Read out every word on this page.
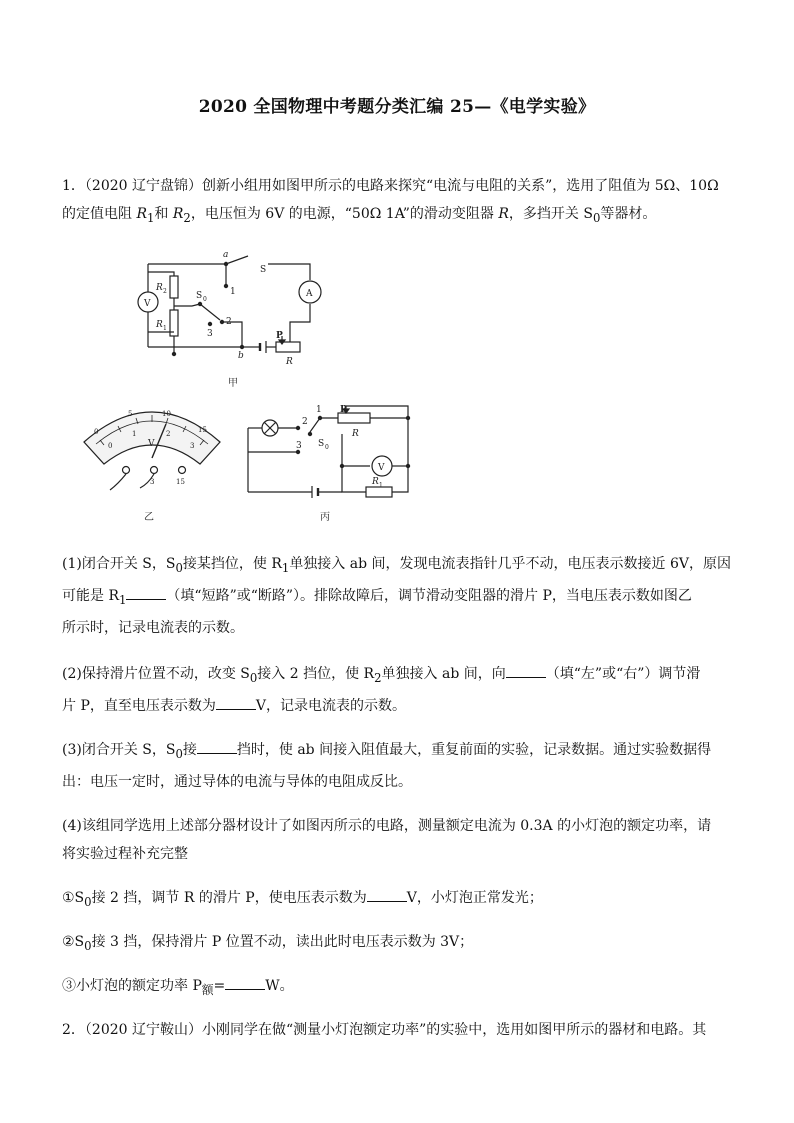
2020 全国物理中考题分类汇编 25—《电学实验》
1．（2020 辽宁盘锦）创新小组用如图甲所示的电路来探究“电流与电阻的关系”，选用了阻值为 5Ω、10Ω
的定值电阻 $R_1$和 $R_2$，电压恒为 6V 的电源，“50Ω 1A”的滑动变阻器 R，多挡开关 $S_0$等器材。
a
S
A
V
R 2
R 1
S 0
1
2
3
b
P
R
甲
0
5	10
15
0
1	2
3
V
3	15
乙
2
1
3 S 0
P
R
V
R 1
丙
(1)闭合开关 S，$S_0$接某挡位，使 $R_1$单独接入 ab 间，发现电流表指针几乎不动，电压表示数接近 6V，原因
可能是 $R_1$	（填“短路”或“断路”）。排除故障后，调节滑动变阻器的滑片 P，当电压表示数如图乙
所示时，记录电流表的示数。
(2)保持滑片位置不动，改变 $S_0$接入 2 挡位，使 $R_2$单独接入 ab 间，向	（填“左”或“右”）调节滑
片 P，直至电压表示数为	V，记录电流表的示数。
(3)闭合开关 S，$S_0$接	挡时，使 ab 间接入阻值最大，重复前面的实验，记录数据。通过实验数据得
出：电压一定时，通过导体的电流与导体的电阻成反比。
(4)该组同学选用上述部分器材设计了如图丙所示的电路，测量额定电流为 0.3A 的小灯泡的额定功率，请
将实验过程补充完整
$①S_0$接 2 挡，调节 R 的滑片 P，使电压表示数为	V，小灯泡正常发光；
$②S_0$接 3 挡，保持滑片 P 位置不动，读出此时电压表示数为 3V；
③小灯泡的额定功率 $P_额=$	W。
2．（2020 辽宁鞍山）小刚同学在做“测量小灯泡额定功率”的实验中，选用如图甲所示的器材和电路。其
